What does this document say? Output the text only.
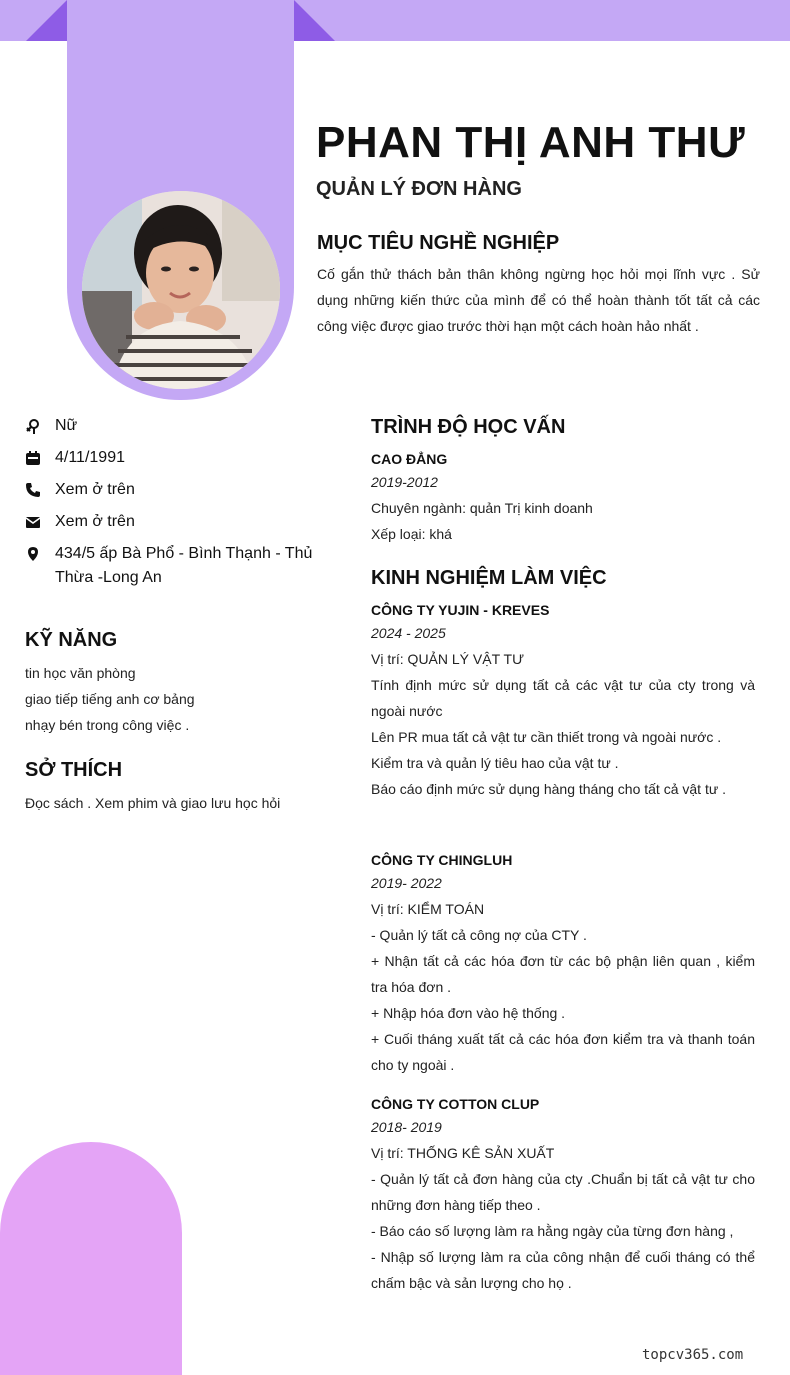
PHAN THỊ ANH THƯ
QUẢN LÝ ĐƠN HÀNG
MỤC TIÊU NGHỀ NGHIỆP

Cố gắn thử thách bản thân không ngừng học hỏi mọi lĩnh vực . Sử dụng những kiến thức của mình để có thể hoàn thành tốt tất cả các công việc được giao trước thời hạn một cách hoàn hảo nhất .

Nữ
4/11/1991
Xem ở trên
Xem ở trên
434/5 ấp Bà Phổ - Bình Thạnh - Thủ Thừa -Long An
KỸ NĂNG
tin học văn phòng
giao tiếp tiếng anh cơ bảng
nhạy bén trong công việc .
SỞ THÍCH
Đọc sách . Xem phim và giao lưu học hỏi
TRÌNH ĐỘ HỌC VẤN
CAO ĐẲNG
2019-2012
Chuyên ngành: quản Trị kinh doanh
Xếp loại: khá
KINH NGHIỆM LÀM VIỆC
CÔNG TY YUJIN - KREVES
2024 - 2025
Vị trí: QUẢN LÝ VẬT TƯ
Tính định mức sử dụng tất cả các vật tư của cty trong và ngoài nước
Lên PR mua tất cả vật tư cần thiết trong và ngoài nước .
Kiểm tra và quản lý tiêu hao của vật tư .
Báo cáo định mức sử dụng hàng tháng cho tất cả vật tư .
CÔNG TY CHINGLUH
2019- 2022
Vị trí: KIỂM TOÁN
- Quản lý tất cả công nợ của CTY .
+ Nhận tất cả các hóa đơn từ các bộ phận liên quan , kiểm tra hóa đơn .
+ Nhập hóa đơn vào hệ thống .
+ Cuối tháng xuất tất cả các hóa đơn kiểm tra và thanh toán cho ty ngoài .
CÔNG TY COTTON CLUP
2018- 2019
Vị trí: THỐNG KÊ SẢN XUẤT
- Quản lý tất cả đơn hàng của cty .Chuẩn bị tất cả vật tư cho những đơn hàng tiếp theo .
- Báo cáo số lượng làm ra hằng ngày của từng đơn hàng ,
- Nhập số lượng làm ra của công nhận để cuối tháng có thể chấm bậc và sản lượng cho họ .
topcv365.com
